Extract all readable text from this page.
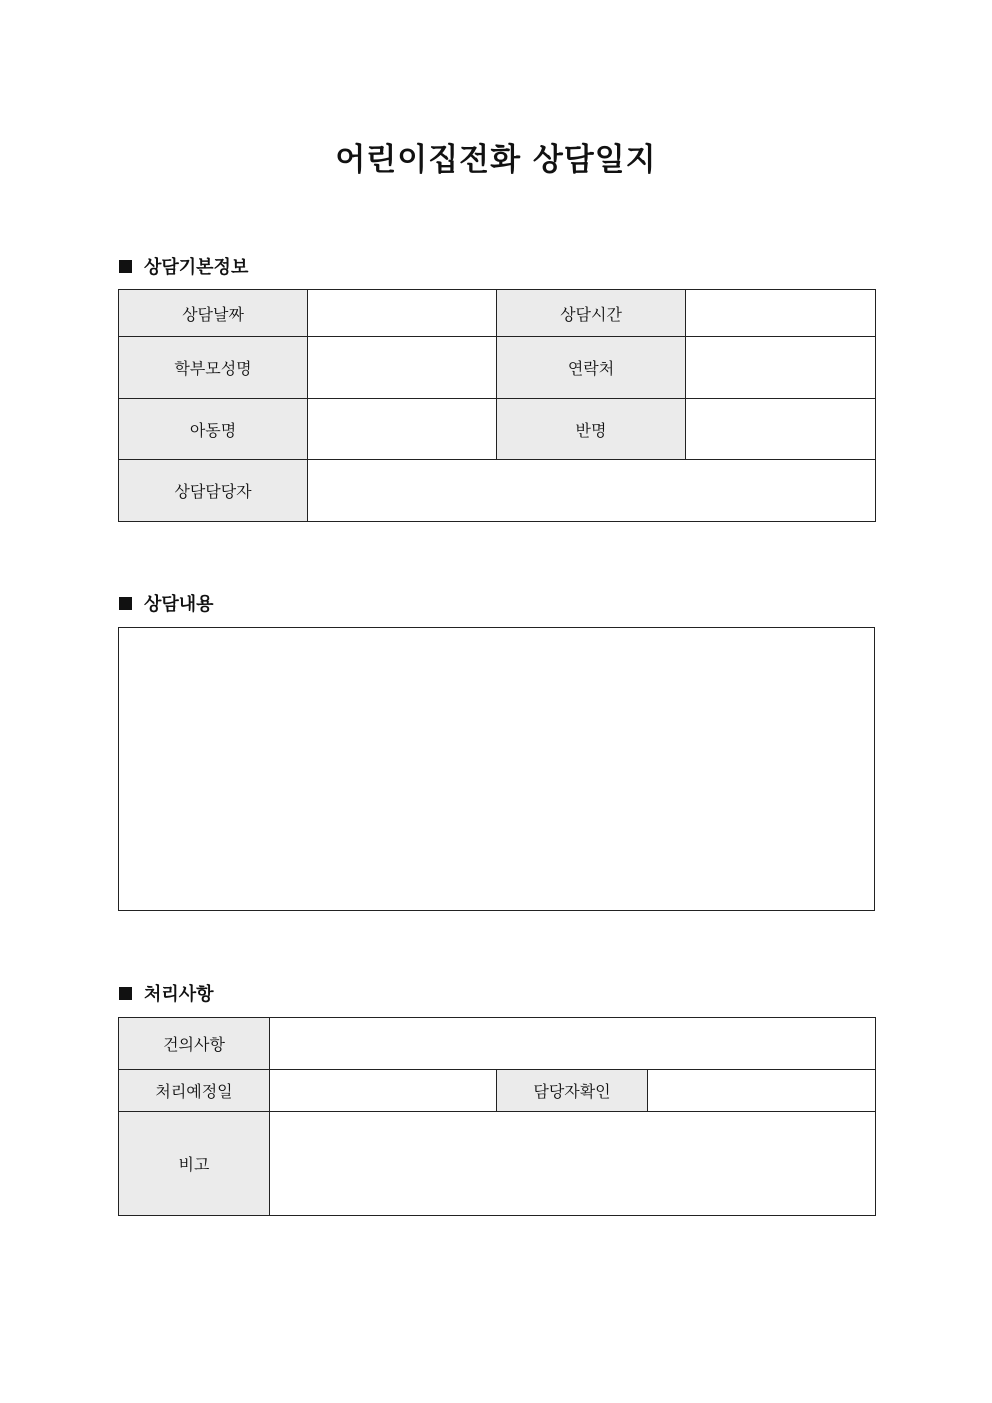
어린이집전화 상담일지
상담기본정보
상담날짜		상담시간	
학부모성명		연락처	
아동명		반명	
상담담당자			
상담내용
처리사항
건의사항			
처리예정일		담당자확인	
비고			
